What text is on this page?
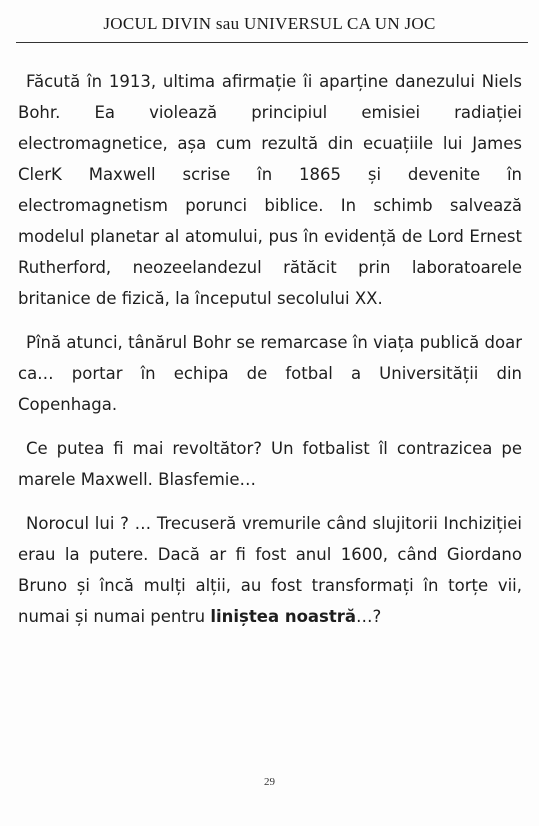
JOCUL DIVIN sau UNIVERSUL CA UN JOC

Făcută în 1913, ultima afirmație îi aparține danezului Niels Bohr. Ea violează principiul emisiei radiației electromagnetice, așa cum rezultă din ecuațiile lui James ClerK Maxwell scrise în 1865 și devenite în electromagnetism porunci biblice. In schimb salvează modelul planetar al atomului, pus în evidență de Lord Ernest Rutherford, neozeelandezul rătăcit prin laboratoarele britanice de fizică, la începutul secolului XX.

Pînă atunci, tânărul Bohr se remarcase în viața publică doar ca… portar în echipa de fotbal a Universității din Copenhaga.

Ce putea fi mai revoltător? Un fotbalist îl contrazicea pe marele Maxwell. Blasfemie…

Norocul lui ? … Trecuseră vremurile când slujitorii Inchiziției erau la putere. Dacă ar fi fost anul 1600, când Giordano Bruno și încă mulți alții, au fost transformați în torțe vii, numai și numai pentru liniștea noastră…?

29
